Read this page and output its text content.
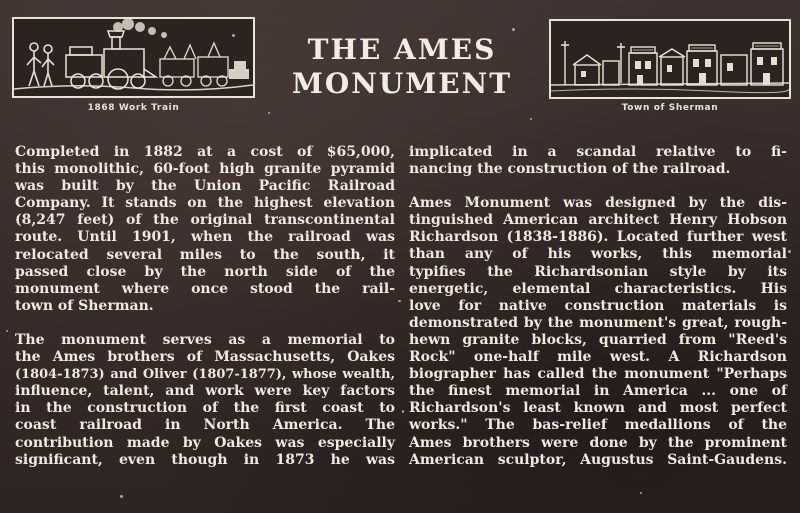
1868 Work Train
THE AMES
MONUMENT
Town of Sherman
Completed in 1882 at a cost of $65,000,
this monolithic, 60-foot high granite pyramid
was built by the Union Pacific Railroad
Company. It stands on the highest elevation
(8,247 feet) of the original transcontinental
route. Until 1901, when the railroad was
relocated several miles to the south, it
passed close by the north side of the
monument where once stood the rail-
town of Sherman.
The monument serves as a memorial to
the Ames brothers of Massachusetts, Oakes
(1804-1873) and Oliver (1807-1877), whose wealth,
influence, talent, and work were key factors
in the construction of the first coast to
coast railroad in North America. The
contribution made by Oakes was especially
significant, even though in 1873 he was
implicated in a scandal relative to fi-
nancing the construction of the railroad.
Ames Monument was designed by the dis-
tinguished American architect Henry Hobson
Richardson (1838-1886). Located further west
than any of his works, this memorial
typifies the Richardsonian style by its
energetic, elemental characteristics. His
love for native construction materials is
demonstrated by the monument's great, rough-
hewn granite blocks, quarried from "Reed's
Rock" one-half mile west. A Richardson
biographer has called the monument "Perhaps
the finest memorial in America ... one of
Richardson's least known and most perfect
works." The bas-relief medallions of the
Ames brothers were done by the prominent
American sculptor, Augustus Saint-Gaudens.
